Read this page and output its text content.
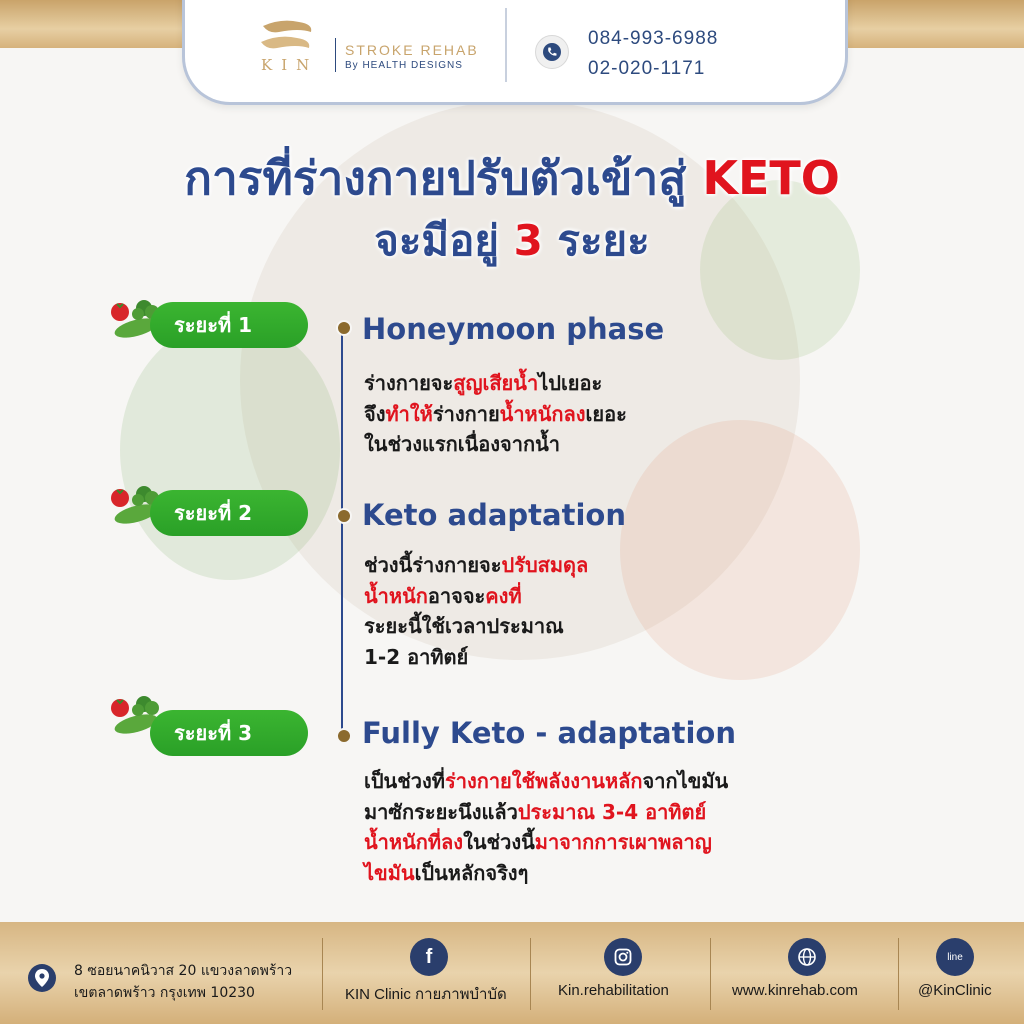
KIN
STROKE REHAB
By HEALTH DESIGNS
084-993-6988
02-020-1171
การที่ร่างกายปรับตัวเข้าสู่ KETO
จะมีอยู่ 3 ระยะ
ระยะที่ 1	Honeymoon phase
ร่างกายจะสูญเสียน้ำไปเยอะ
จึงทำให้ร่างกายน้ำหนักลงเยอะ
ในช่วงแรกเนื่องจากน้ำ
ระยะที่ 2	Keto adaptation
ช่วงนี้ร่างกายจะปรับสมดุล
น้ำหนักอาจจะคงที่
ระยะนี้ใช้เวลาประมาณ
1-2 อาทิตย์
ระยะที่ 3	Fully Keto - adaptation
เป็นช่วงที่ร่างกายใช้พลังงานหลักจากไขมัน
มาซักระยะนึงแล้วประมาณ 3-4 อาทิตย์
น้ำหนักที่ลงในช่วงนี้มาจากการเผาพลาญ
ไขมันเป็นหลักจริงๆ
8 ซอยนาคนิวาส 20 แขวงลาดพร้าว
เขตลาดพร้าว กรุงเทพ 10230
f
KIN Clinic กายภาพบำบัด	Kin.rehabilitation	www.kinrehab.com
line
@KinClinic
